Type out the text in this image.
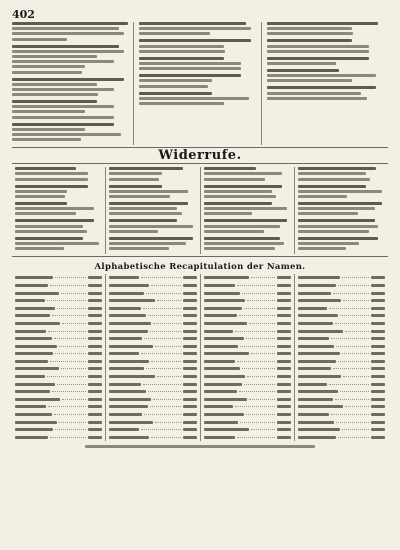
402
Widerrufe.
Alphabetische Recapitulation der Namen.
